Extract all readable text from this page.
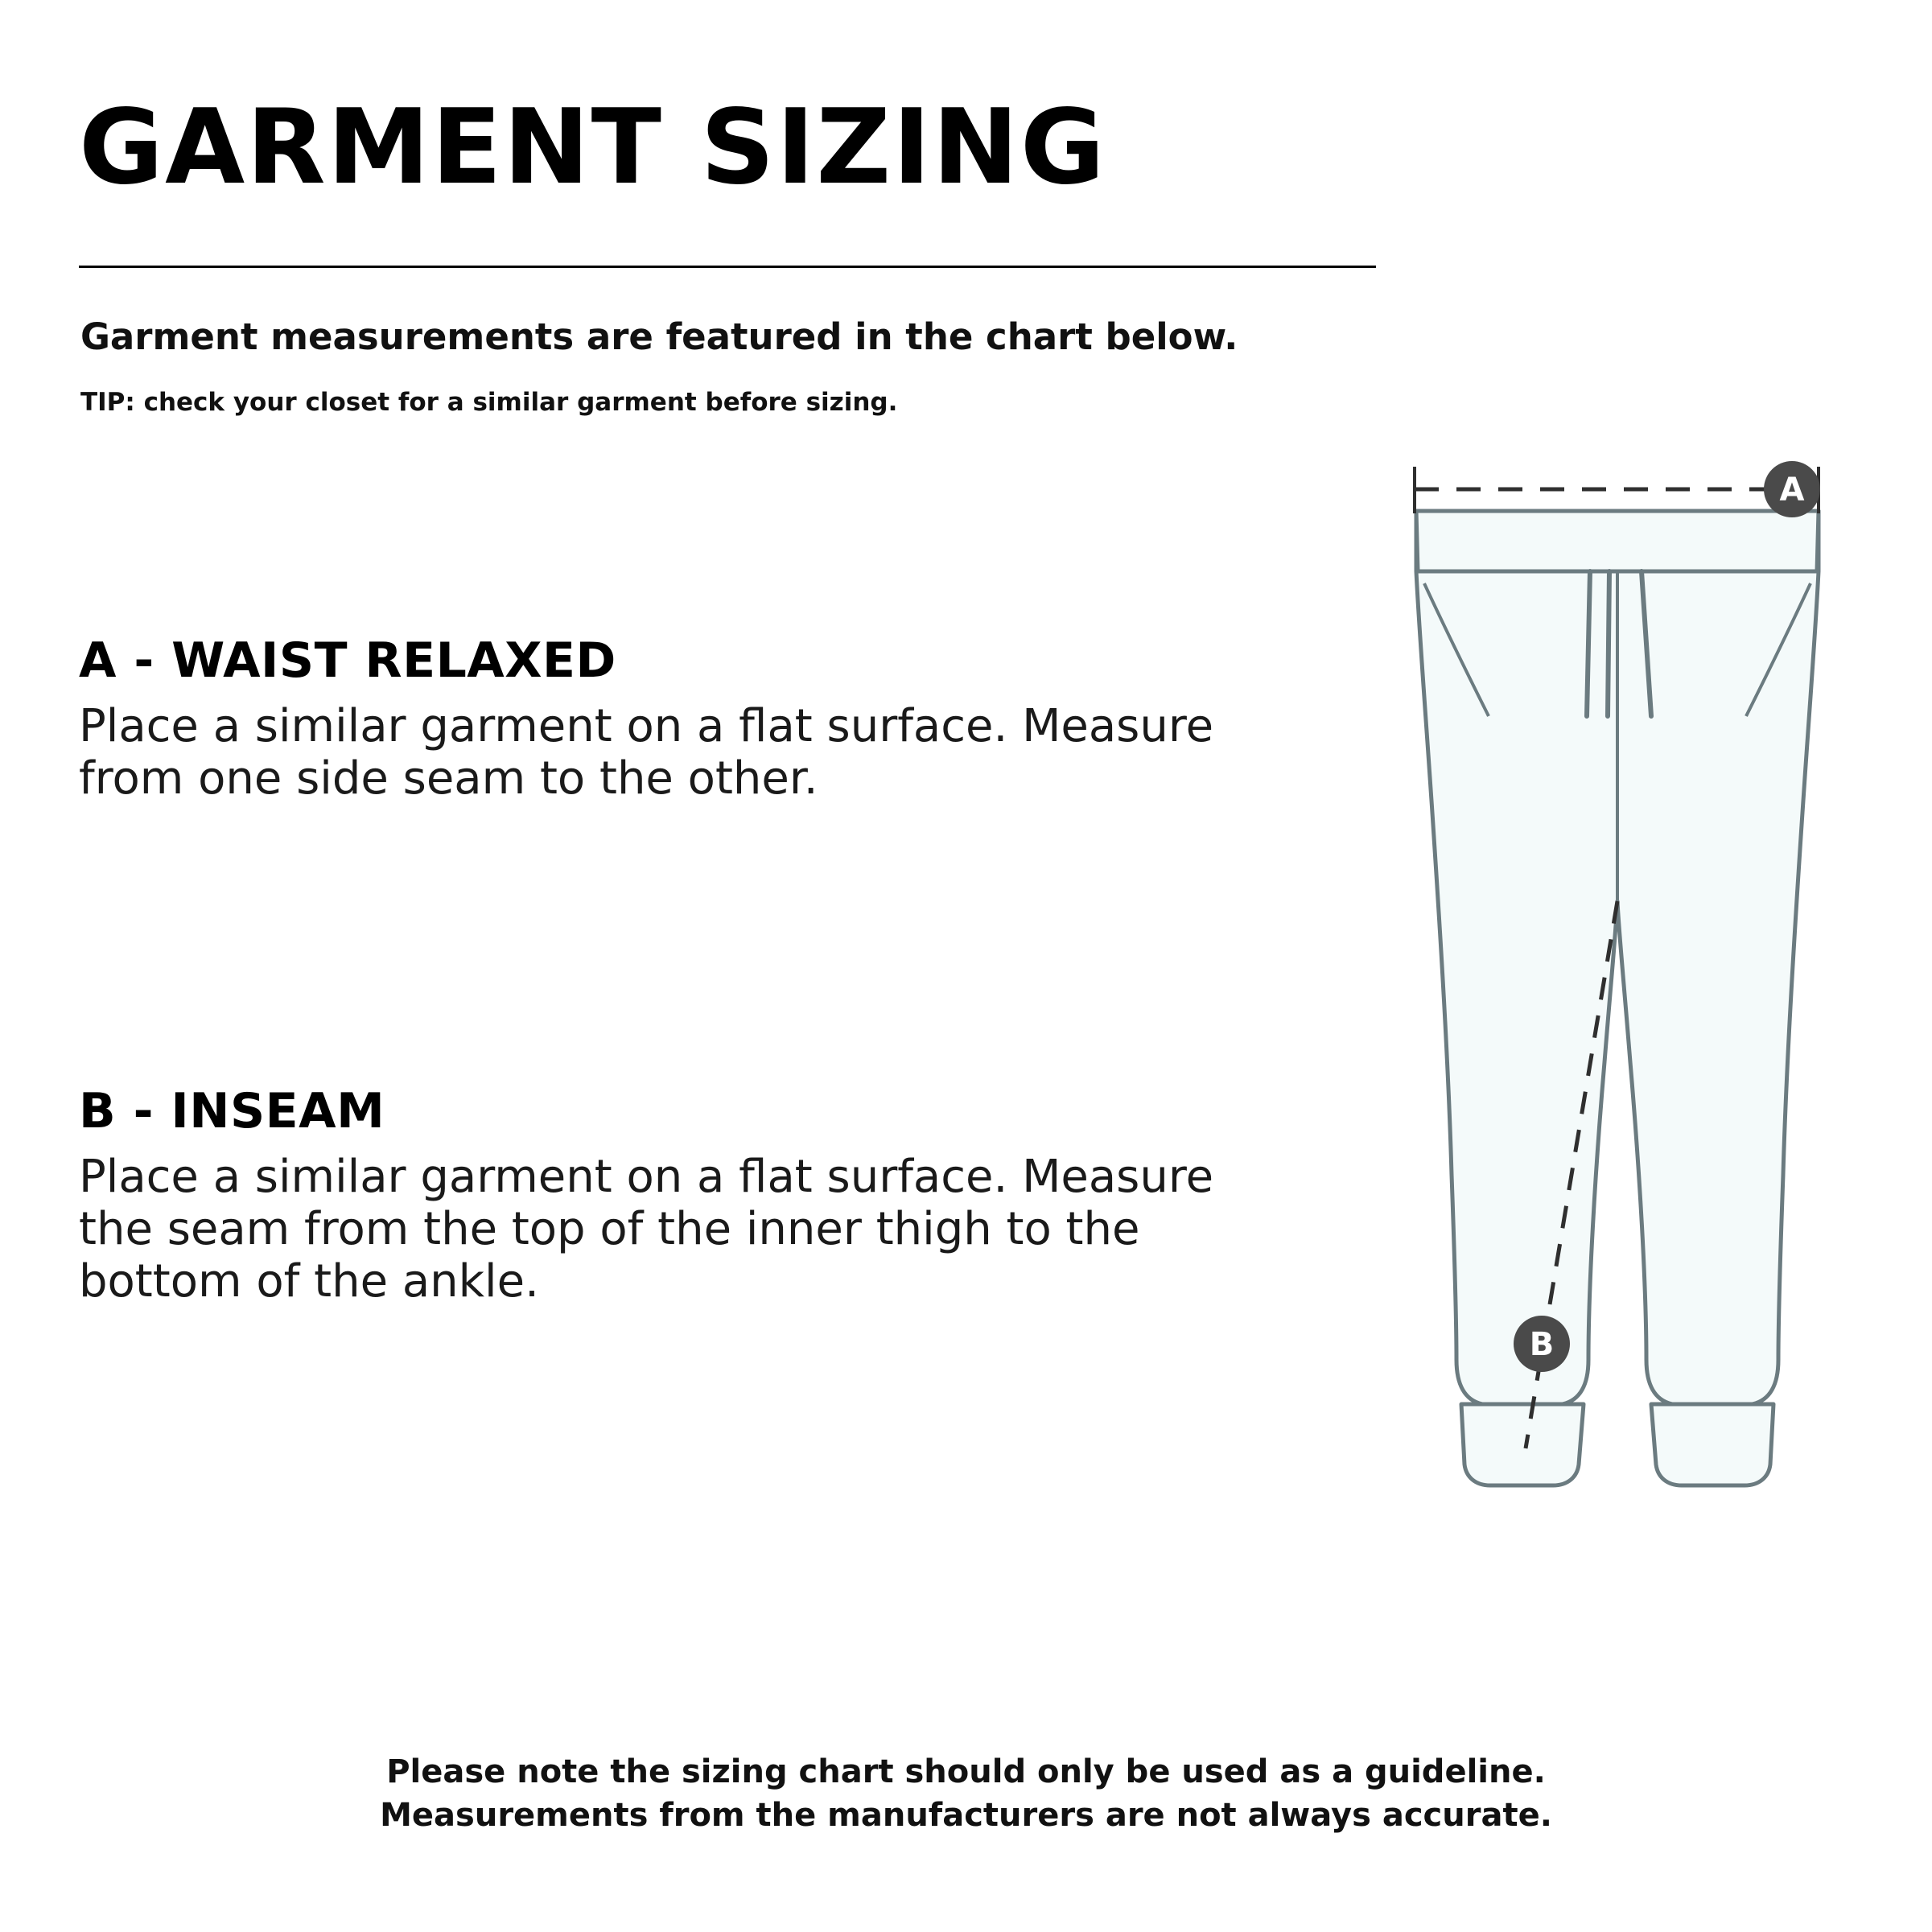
GARMENT SIZING
Garment measurements are featured in the chart below.
TIP: check your closet for a similar garment before sizing.
A - WAIST RELAXED

Place a similar garment on a flat surface. Measure from one side seam to the other.

B - INSEAM

Place a similar garment on a flat surface. Measure the seam from the top of the inner thigh to the bottom of the ankle.

A
B
Please note the sizing chart should only be used as a guideline.
Measurements from the manufacturers are not always accurate.
